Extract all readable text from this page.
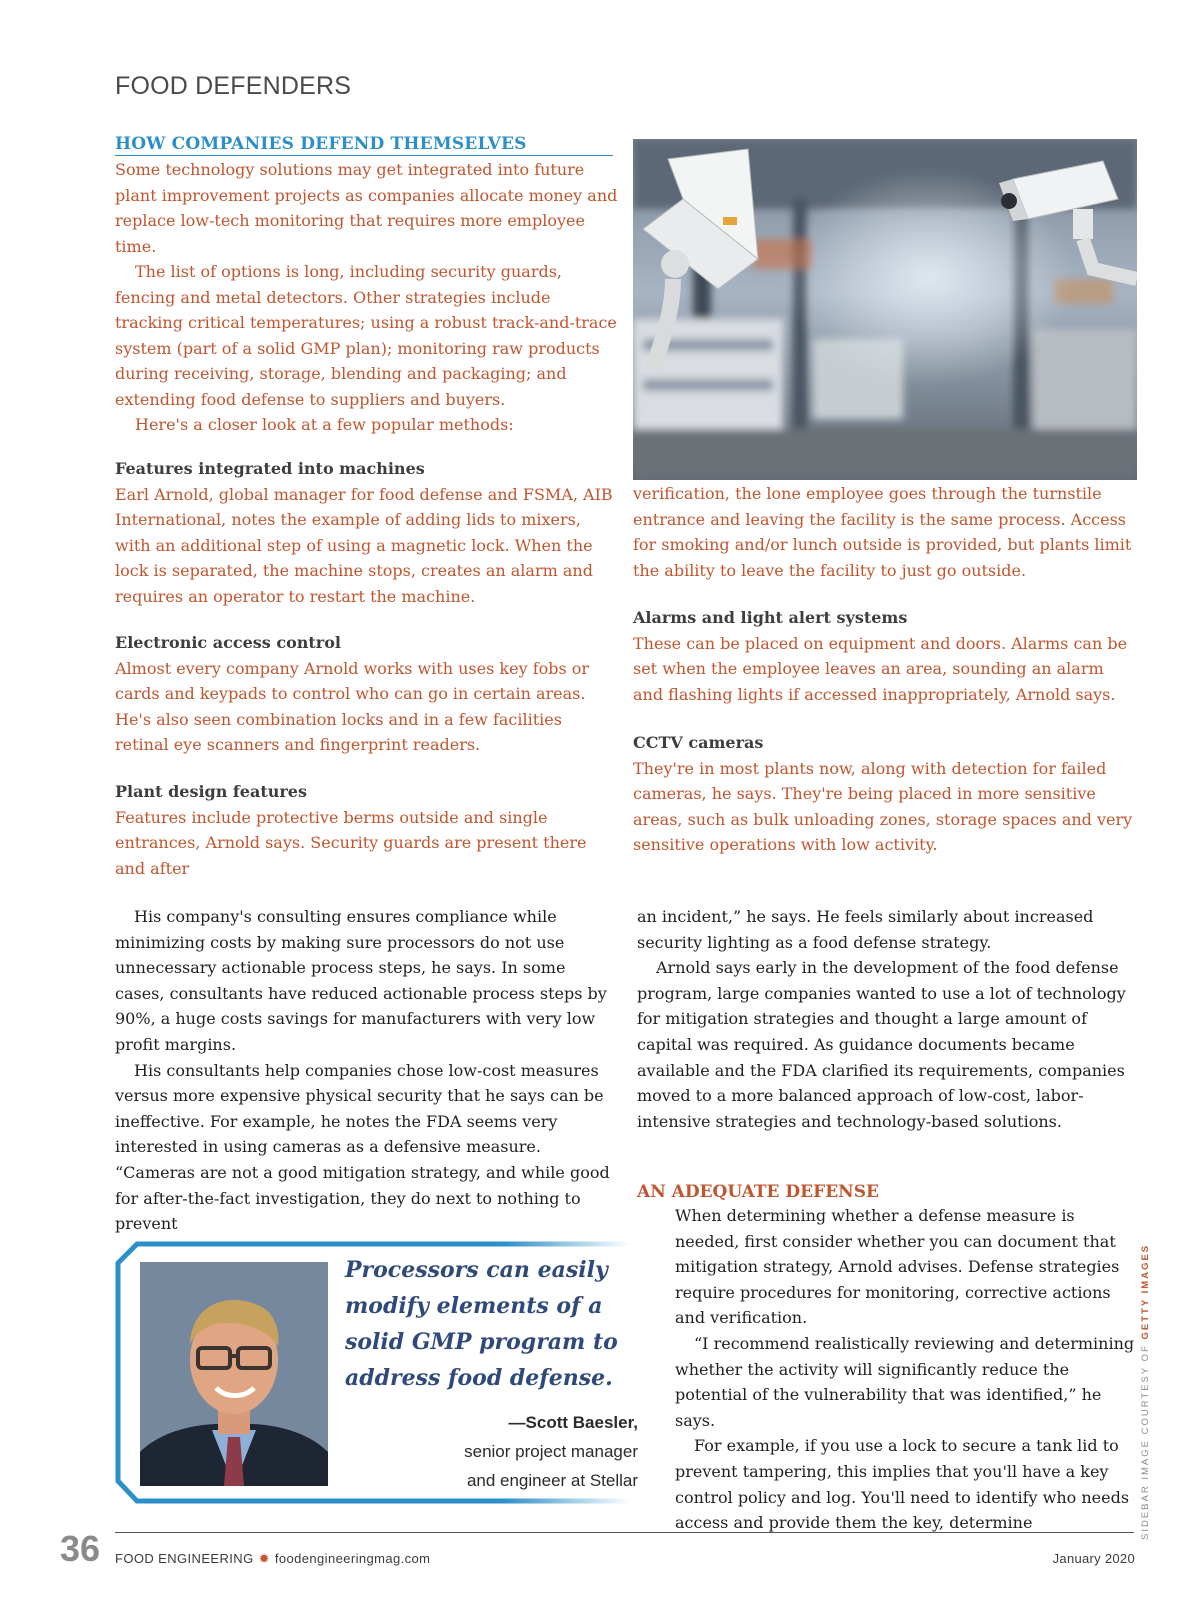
FOOD DEFENDERS
HOW COMPANIES DEFEND THEMSELVES

Some technology solutions may get integrated into future plant improvement projects as companies allocate money and replace low-tech monitoring that requires more employee time.

The list of options is long, including security guards, fencing and metal detectors. Other strategies include tracking critical temperatures; using a robust track-and-trace system (part of a solid GMP plan); monitoring raw products during receiving, storage, blending and packaging; and extending food defense to suppliers and buyers.

Here's a closer look at a few popular methods:

Features integrated into machines
Earl Arnold, global manager for food defense and FSMA, AIB International, notes the example of adding lids to mixers, with an additional step of using a magnetic lock. When the lock is separated, the machine stops, creates an alarm and requires an operator to restart the machine.
Electronic access control
Almost every company Arnold works with uses key fobs or cards and keypads to control who can go in certain areas. He's also seen combination locks and in a few facilities retinal eye scanners and fingerprint readers.
Plant design features
Features include protective berms outside and single entrances, Arnold says. Security guards are present there and after
verification, the lone employee goes through the turnstile entrance and leaving the facility is the same process. Access for smoking and/or lunch outside is provided, but plants limit the ability to leave the facility to just go outside.
Alarms and light alert systems
These can be placed on equipment and doors. Alarms can be set when the employee leaves an area, sounding an alarm and flashing lights if accessed inappropriately, Arnold says.
CCTV cameras
They're in most plants now, along with detection for failed cameras, he says. They're being placed in more sensitive areas, such as bulk unloading zones, storage spaces and very sensitive operations with low activity.

His company's consulting ensures compliance while minimizing costs by making sure processors do not use unnecessary actionable process steps, he says. In some cases, consultants have reduced actionable process steps by 90%, a huge costs savings for manufacturers with very low profit margins.

His consultants help companies chose low-cost measures versus more expensive physical security that he says can be ineffective. For example, he notes the FDA seems very interested in using cameras as a defensive measure. “Cameras are not a good mitigation strategy, and while good for after-the-fact investigation, they do next to nothing to prevent

an incident,” he says. He feels similarly about increased security lighting as a food defense strategy.

Arnold says early in the development of the food defense program, large companies wanted to use a lot of technology for mitigation strategies and thought a large amount of capital was required. As guidance documents became available and the FDA clarified its requirements, companies moved to a more balanced approach of low-cost, labor-intensive strategies and technology-based solutions.

AN ADEQUATE DEFENSE

When determining whether a defense measure is needed, first consider whether you can document that mitigation strategy, Arnold advises. Defense strategies require procedures for monitoring, corrective actions and verification.

“I recommend realistically reviewing and determining whether the activity will significantly reduce the potential of the vulnerability that was identified,” he says.

For example, if you use a lock to secure a tank lid to prevent tampering, this implies that you'll have a key control policy and log. You'll need to identify who needs access and provide them the key, determine

Processors can easily modify elements of a solid GMP program to address food defense.
—Scott Baesler,
senior project manager
and engineer at Stellar	SIDEBAR IMAGE COURTESY OF GETTY IMAGES
36 FOOD ENGINEERING ✹ foodengineeringmag.com	January 2020
